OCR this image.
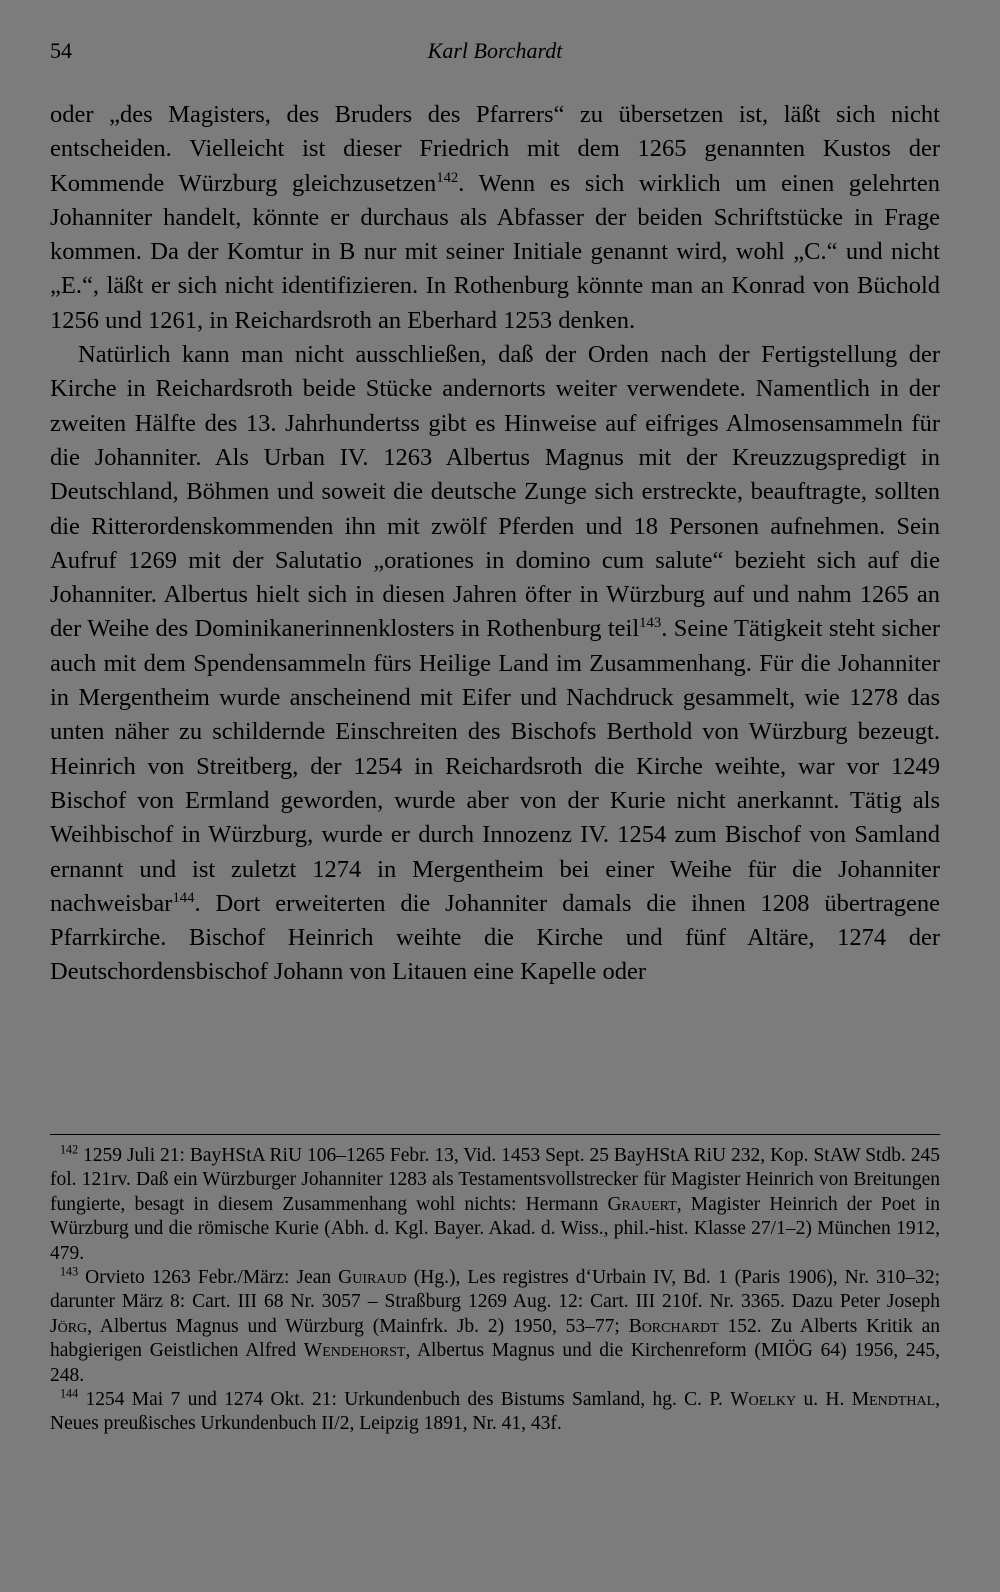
54	Karl Borchardt

oder „des Magisters, des Bruders des Pfarrers“ zu übersetzen ist, läßt sich nicht entscheiden. Vielleicht ist dieser Friedrich mit dem 1265 genannten Kustos der Kommende Würzburg gleichzusetzen$^{142}$. Wenn es sich wirklich um einen gelehrten Johanniter handelt, könnte er durchaus als Abfasser der beiden Schriftstücke in Frage kommen. Da der Komtur in B nur mit seiner Initiale genannt wird, wohl „C.“ und nicht „E.“, läßt er sich nicht identifizieren. In Rothenburg könnte man an Konrad von Büchold 1256 und 1261, in Reichardsroth an Eberhard 1253 denken.

Natürlich kann man nicht ausschließen, daß der Orden nach der Fertigstellung der Kirche in Reichardsroth beide Stücke andernorts weiter verwendete. Namentlich in der zweiten Hälfte des 13. Jahrhundertss gibt es Hinweise auf eifriges Almosensammeln für die Johanniter. Als Urban IV. 1263 Albertus Magnus mit der Kreuzzugspredigt in Deutschland, Böhmen und soweit die deutsche Zunge sich erstreckte, beauftragte, sollten die Ritterordenskommenden ihn mit zwölf Pferden und 18 Personen aufnehmen. Sein Aufruf 1269 mit der Salutatio „orationes in domino cum salute“ bezieht sich auf die Johanniter. Albertus hielt sich in diesen Jahren öfter in Würzburg auf und nahm 1265 an der Weihe des Dominikanerinnenklosters in Rothenburg teil$^{143}$. Seine Tätigkeit steht sicher auch mit dem Spendensammeln fürs Heilige Land im Zusammenhang. Für die Johanniter in Mergentheim wurde anscheinend mit Eifer und Nachdruck gesammelt, wie 1278 das unten näher zu schildernde Einschreiten des Bischofs Berthold von Würzburg bezeugt. Heinrich von Streitberg, der 1254 in Reichardsroth die Kirche weihte, war vor 1249 Bischof von Ermland geworden, wurde aber von der Kurie nicht anerkannt. Tätig als Weihbischof in Würzburg, wurde er durch Innozenz IV. 1254 zum Bischof von Samland ernannt und ist zuletzt 1274 in Mergentheim bei einer Weihe für die Johanniter nachweisbar$^{144}$. Dort erweiterten die Johanniter damals die ihnen 1208 übertragene Pfarrkirche. Bischof Heinrich weihte die Kirche und fünf Altäre, 1274 der Deutschordensbischof Johann von Litauen eine Kapelle oder

$^{142}$ 1259 Juli 21: BayHStA RiU 106–1265 Febr. 13, Vid. 1453 Sept. 25 BayHStA RiU 232, Kop. StAW Stdb. 245 fol. 121rv. Daß ein Würzburger Johanniter 1283 als Testamentsvollstrecker für Magister Heinrich von Breitungen fungierte, besagt in diesem Zusammenhang wohl nichts: Hermann Grauert, Magister Heinrich der Poet in Würzburg und die römische Kurie (Abh. d. Kgl. Bayer. Akad. d. Wiss., phil.-hist. Klasse 27/1–2) München 1912, 479.

$^{143}$ Orvieto 1263 Febr./März: Jean Guiraud (Hg.), Les registres d‘Urbain IV, Bd. 1 (Paris 1906), Nr. 310–32; darunter März 8: Cart. III 68 Nr. 3057 – Straßburg 1269 Aug. 12: Cart. III 210f. Nr. 3365. Dazu Peter Joseph Jörg, Albertus Magnus und Würzburg (Mainfrk. Jb. 2) 1950, 53–77; Borchardt 152. Zu Alberts Kritik an habgierigen Geistlichen Alfred Wendehorst, Albertus Magnus und die Kirchenreform (MIÖG 64) 1956, 245, 248.

$^{144}$ 1254 Mai 7 und 1274 Okt. 21: Urkundenbuch des Bistums Samland, hg. C. P. Woelky u. H. Mendthal, Neues preußisches Urkundenbuch II/2, Leipzig 1891, Nr. 41, 43f.
